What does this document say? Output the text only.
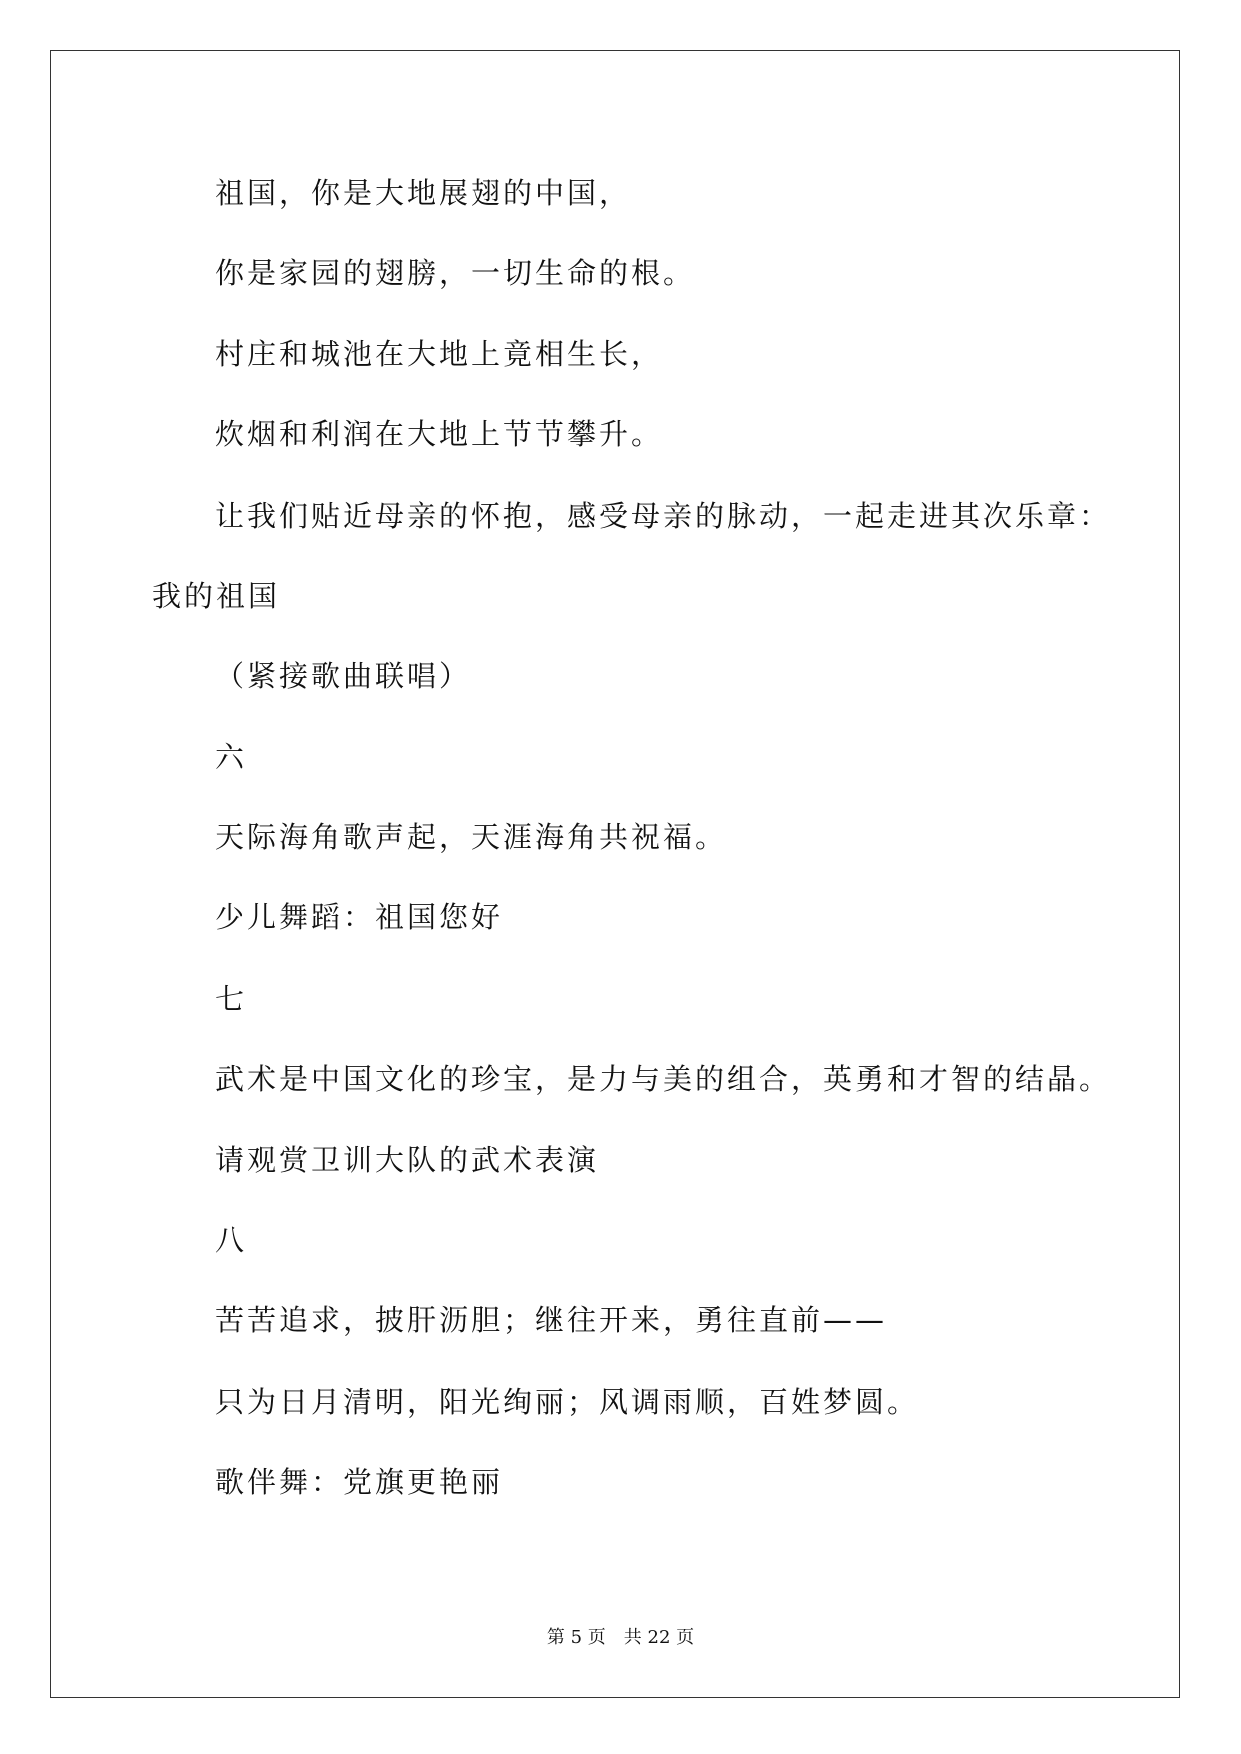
祖国，你是大地展翅的中国，
你是家园的翅膀，一切生命的根。
村庄和城池在大地上竟相生长，
炊烟和利润在大地上节节攀升。
让我们贴近母亲的怀抱，感受母亲的脉动，一起走进其次乐章：
我的祖国
（紧接歌曲联唱）
六
天际海角歌声起，天涯海角共祝福。
少儿舞蹈：祖国您好
七
武术是中国文化的珍宝，是力与美的组合，英勇和才智的结晶。
请观赏卫训大队的武术表演
八
苦苦追求，披肝沥胆；继往开来，勇往直前——
只为日月清明，阳光绚丽；风调雨顺，百姓梦圆。
歌伴舞：党旗更艳丽
第 5 页 共 22 页
